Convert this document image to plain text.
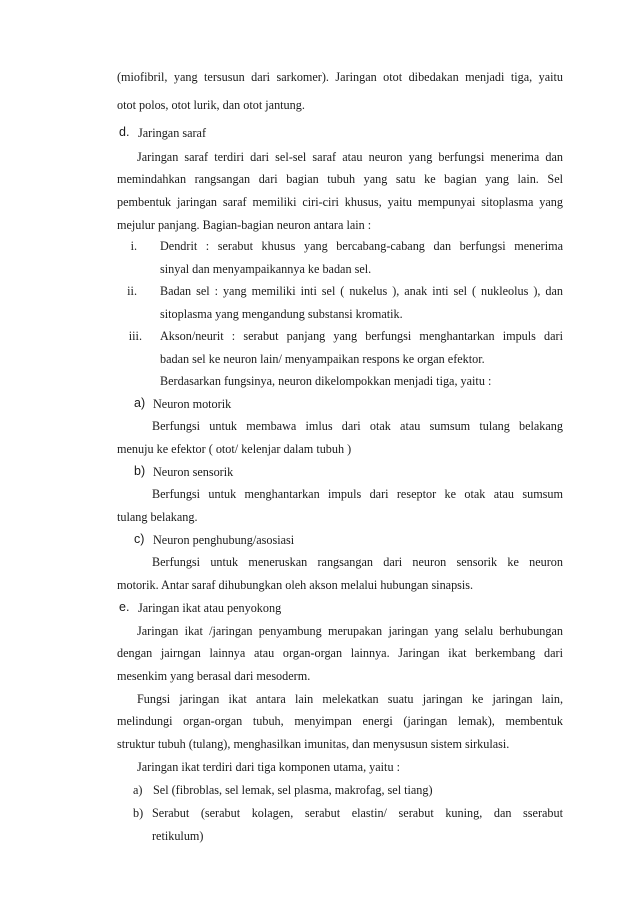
(miofibril, yang tersusun dari sarkomer). Jaringan otot dibedakan menjadi tiga, yaitu
otot polos, otot lurik, dan otot jantung.
d. Jaringan saraf
Jaringan saraf terdiri dari sel-sel saraf atau neuron yang berfungsi menerima dan
memindahkan rangsangan dari bagian tubuh yang satu ke bagian yang lain. Sel
pembentuk jaringan saraf memiliki ciri-ciri khusus, yaitu mempunyai sitoplasma yang
mejulur panjang. Bagian-bagian neuron antara lain :
i. Dendrit : serabut khusus yang bercabang-cabang dan berfungsi menerima
sinyal dan menyampaikannya ke badan sel.
ii. Badan sel : yang memiliki inti sel ( nukelus ), anak inti sel ( nukleolus ), dan
sitoplasma yang mengandung substansi kromatik.
iii. Akson/neurit : serabut panjang yang berfungsi menghantarkan impuls dari
badan sel ke neuron lain/ menyampaikan respons ke organ efektor.
Berdasarkan fungsinya, neuron dikelompokkan menjadi tiga, yaitu :
a) Neuron motorik
Berfungsi untuk membawa imlus dari otak atau sumsum tulang belakang
menuju ke efektor ( otot/ kelenjar dalam tubuh )
b) Neuron sensorik
Berfungsi untuk menghantarkan impuls dari reseptor ke otak atau sumsum
tulang belakang.
c) Neuron penghubung/asosiasi
Berfungsi untuk meneruskan rangsangan dari neuron sensorik ke neuron
motorik. Antar saraf dihubungkan oleh akson melalui hubungan sinapsis.
e. Jaringan ikat atau penyokong
Jaringan ikat /jaringan penyambung merupakan jaringan yang selalu berhubungan
dengan jairngan lainnya atau organ-organ lainnya. Jaringan ikat berkembang dari
mesenkim yang berasal dari mesoderm.
Fungsi jaringan ikat antara lain melekatkan suatu jaringan ke jaringan lain,
melindungi organ-organ tubuh, menyimpan energi (jaringan lemak), membentuk
struktur tubuh (tulang), menghasilkan imunitas, dan menysusun sistem sirkulasi.
Jaringan ikat terdiri dari tiga komponen utama, yaitu :
a) Sel (fibroblas, sel lemak, sel plasma, makrofag, sel tiang)
b) Serabut (serabut kolagen, serabut elastin/ serabut kuning, dan sserabut
retikulum)
